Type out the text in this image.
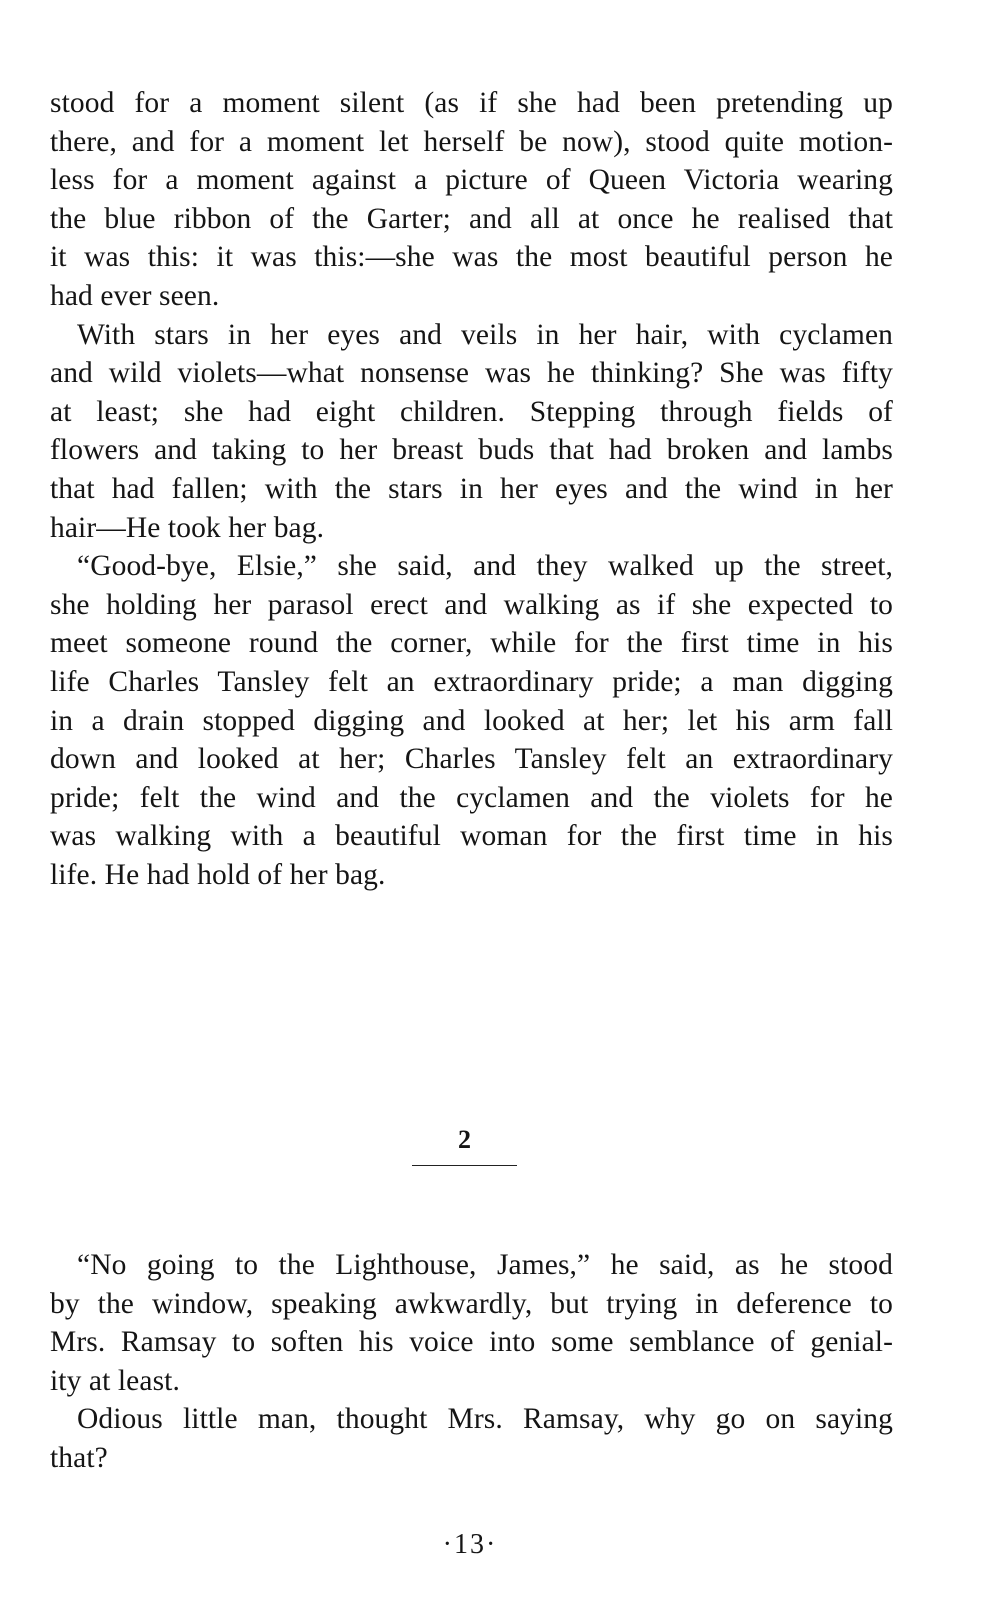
stood for a moment silent (as if she had been pretending up
there, and for a moment let herself be now), stood quite motion-
less for a moment against a picture of Queen Victoria wearing
the blue ribbon of the Garter; and all at once he realised that
it was this: it was this:—she was the most beautiful person he
had ever seen.
With stars in her eyes and veils in her hair, with cyclamen
and wild violets—what nonsense was he thinking? She was fifty
at least; she had eight children. Stepping through fields of
flowers and taking to her breast buds that had broken and lambs
that had fallen; with the stars in her eyes and the wind in her
hair—He took her bag.
“Good-bye, Elsie,” she said, and they walked up the street,
she holding her parasol erect and walking as if she expected to
meet someone round the corner, while for the first time in his
life Charles Tansley felt an extraordinary pride; a man digging
in a drain stopped digging and looked at her; let his arm fall
down and looked at her; Charles Tansley felt an extraordinary
pride; felt the wind and the cyclamen and the violets for he
was walking with a beautiful woman for the first time in his
life. He had hold of her bag.
2
“No going to the Lighthouse, James,” he said, as he stood
by the window, speaking awkwardly, but trying in deference to
Mrs. Ramsay to soften his voice into some semblance of genial-
ity at least.
Odious little man, thought Mrs. Ramsay, why go on saying
that?
·13·
